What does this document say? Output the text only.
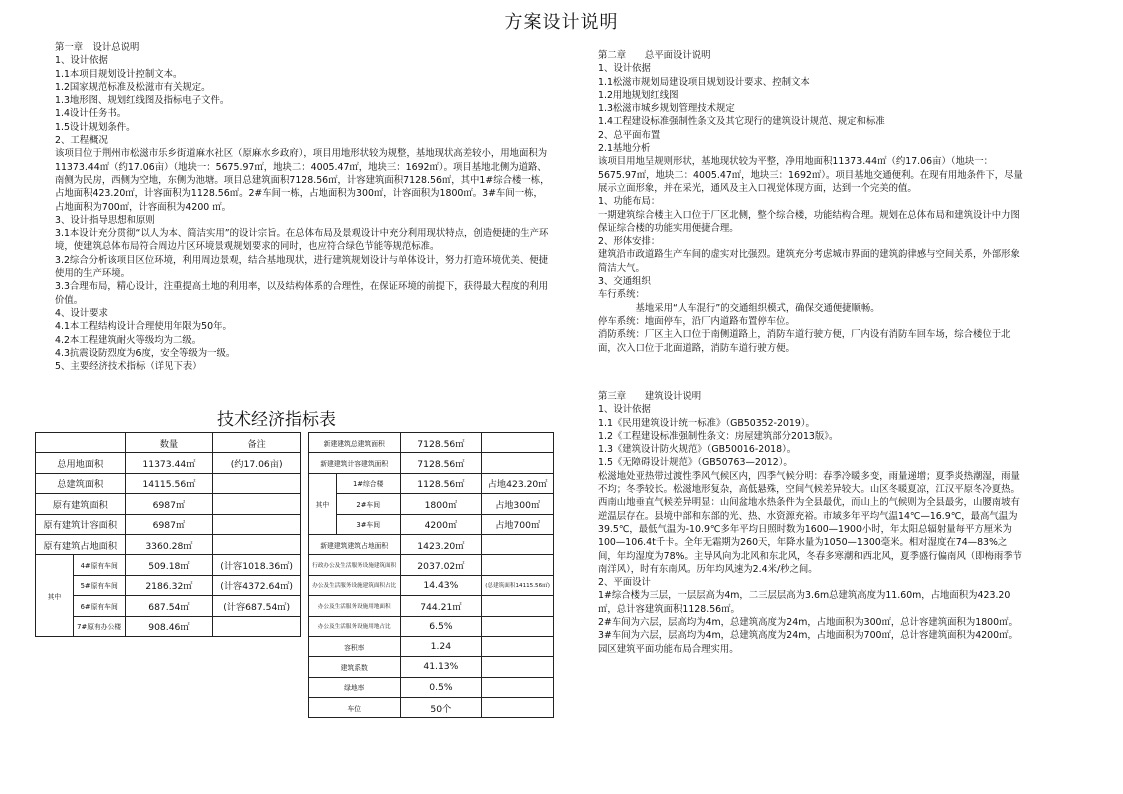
方案设计说明

第一章　设计总说明

1、设计依据

1.1本项目规划设计控制文本。

1.2国家规范标准及松滋市有关规定。

1.3地形图、规划红线图及指标电子文件。

1.4设计任务书。

1.5设计规划条件。

2、工程概况

该项目位于荆州市松滋市乐乡街道麻水社区（原麻水乡政府），项目用地形状较为规整，基地现状高差较小，用地面积为11373.44㎡（约17.06亩）（地块一：5675.97㎡，地块二：4005.47㎡，地块三：1692㎡）。项目基地北侧为道路、南侧为民房，西侧为空地，东侧为池塘。项目总建筑面积7128.56㎡，计容建筑面积7128.56㎡，其中1#综合楼一栋，占地面积423.20㎡，计容面积为1128.56㎡。2#车间一栋，占地面积为300㎡，计容面积为1800㎡。3#车间一栋，占地面积为700㎡，计容面积为4200 ㎡。

3、设计指导思想和原则

3.1本设计充分贯彻“以人为本、简洁实用”的设计宗旨。在总体布局及景观设计中充分利用现状特点，创造便捷的生产环境，使建筑总体布局符合周边片区环境景观规划要求的同时，也应符合绿色节能等规范标准。

3.2综合分析该项目区位环境，利用周边景观，结合基地现状，进行建筑规划设计与单体设计，努力打造环境优美、便捷使用的生产环境。

3.3合理布局，精心设计，注重提高土地的利用率，以及结构体系的合理性，在保证环境的前提下，获得最大程度的利用价值。

4、设计要求

4.1本工程结构设计合理使用年限为50年。

4.2本工程建筑耐火等级均为二级。

4.3抗震设防烈度为6度，安全等级为一级。

5、主要经济技术指标（详见下表）

第二章　　总平面设计说明

1、设计依据

1.1松滋市规划局建设项目规划设计要求、控制文本

1.2用地规划红线图

1.3松滋市城乡规划管理技术规定

1.4工程建设标准强制性条文及其它现行的建筑设计规范、规定和标准

2、总平面布置

2.1基地分析

该项目用地呈规则形状，基地现状较为平整，净用地面积11373.44㎡（约17.06亩）（地块一：5675.97㎡，地块二：4005.47㎡，地块三：1692㎡）。项目基地交通便利。在现有用地条件下，尽量展示立面形象，并在采光，通风及主入口视觉体现方面，达到一个完美的值。

1、功能布局：

一期建筑综合楼主入口位于厂区北侧，整个综合楼，功能结构合理。规划在总体布局和建筑设计中力图保证综合楼的功能实用便捷合理。

2、形体安排：

建筑沿市政道路生产车间的虚实对比强烈。建筑充分考虑城市界面的建筑韵律感与空间关系，外部形象简洁大气。

3、交通组织

车行系统：

　　　　基地采用“人车混行”的交通组织模式，确保交通便捷顺畅。

停车系统：地面停车，沿厂内道路布置停车位。

消防系统：厂区主入口位于南侧道路上，消防车道行驶方便，厂内设有消防车回车场，综合楼位于北面，次入口位于北面道路，消防车道行驶方便。

第三章　　建筑设计说明

1、设计依据

1.1《民用建筑设计统一标准》（GB50352-2019）。

1.2《工程建设标准强制性条文：房屋建筑部分2013版》。

1.3《建筑设计防火规范》（GB50016-2018）。

1.5《无障碍设计规范》（GB50763—2012）。

松滋地处亚热带过渡性季风气候区内，四季气候分明：春季冷暖多变，雨量递增；夏季炎热潮湿，雨量不均；冬季较长。松滋地形复杂，高低悬殊，空间气候差异较大。山区冬暖夏凉，江汉平原冬冷夏热。西南山地垂直气候差异明显：山间盆地水热条件为全县最优，而山上的气候则为全县最劣，山腰南坡有逆温层存在。县境中部和东部的光、热、水资源充裕。市域多年平均气温14℃—16.9℃，最高气温为39.5℃，最低气温为-10.9℃多年平均日照时数为1600—1900小时，年太阳总辐射量每平方厘米为100—106.4t千卡。全年无霜期为260天，年降水量为1050—1300毫米。相对湿度在74—83%之间，年均湿度为78%。主导风向为北风和东北风，冬春多寒潮和西北风，夏季盛行偏南风（即梅雨季节南洋风），时有东南风。历年均风速为2.4米/秒之间。

2、平面设计

1#综合楼为三层，一层层高为4m，二三层层高为3.6m总建筑高度为11.60m，占地面积为423.20㎡，总计容建筑面积1128.56㎡。

2#车间为六层，层高均为4m，总建筑高度为24m，占地面积为300㎡，总计容建筑面积为1800㎡。

3#车间为六层，层高均为4m，总建筑高度为24m，占地面积为700㎡，总计容建筑面积为4200㎡。

园区建筑平面功能布局合理实用。

技术经济指标表
		数量	备注
总用地面积		11373.44㎡	(约17.06亩)
总建筑面积		14115.56㎡	
原有建筑面积		6987㎡	
原有建筑计容面积		6987㎡	
原有建筑占地面积		3360.28㎡	
其中	4#原有车间	509.18㎡	(计容1018.36㎡)
	5#原有车间	2186.32㎡	(计容4372.64㎡)
	6#原有车间	687.54㎡	(计容687.54㎡)
	7#原有办公楼	908.46㎡	
新建建筑总建筑面积		7128.56㎡	
新建建筑计容建筑面积		7128.56㎡	
其中	1#综合楼	1128.56㎡	占地423.20㎡
	2#车间	1800㎡	占地300㎡
	3#车间	4200㎡	占地700㎡
新建建筑建筑占地面积		1423.20㎡	
行政办公及生活服务设施建筑面积		2037.02㎡	
办公及生活服务设施建筑面积占比		14.43%	(总建筑面积14115.56㎡)
办公及生活服务设施用地面积		744.21㎡	
办公及生活服务设施用地占比		6.5%	
容积率		1.24	
建筑系数		41.13%	
绿地率		0.5%	
车位		50个	
